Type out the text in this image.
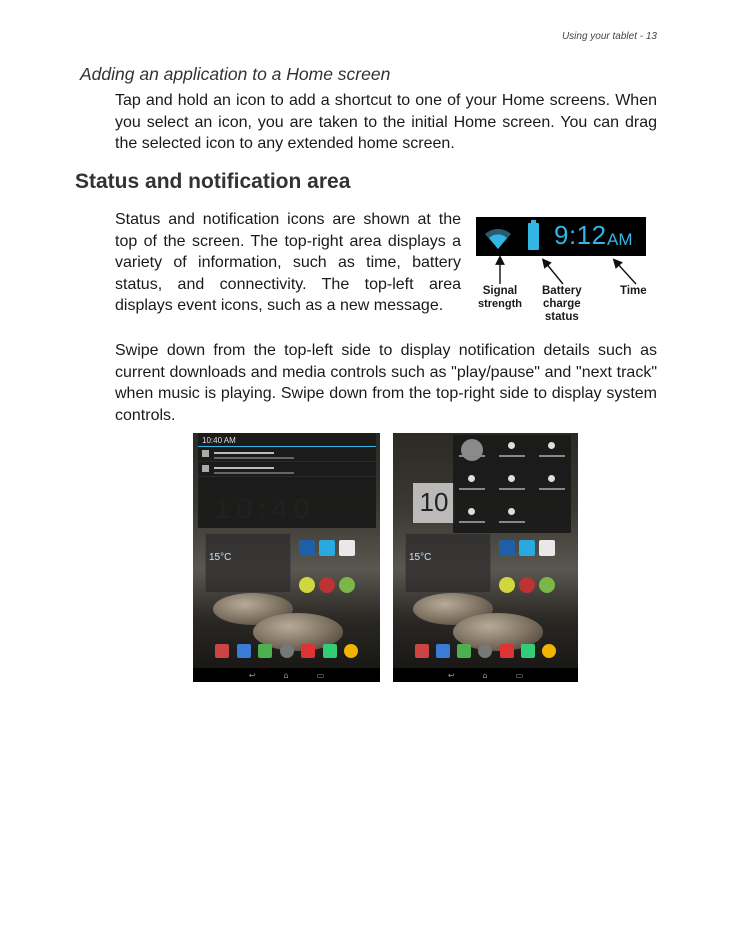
Using your tablet - 13
Adding an application to a Home screen

Tap and hold an icon to add a shortcut to one of your Home screens. When you select an icon, you are taken to the initial Home screen. You can drag the selected icon to any extended home screen.

Status and notification area

Status and notification icons are shown at the top of the screen. The top-right area displays a variety of information, such as time, battery status, and connectivity. The top-left area displays event icons, such as a new message.

9:12 AM
Signal
strength
Battery
charge
status
Time

Swipe down from the top-left side to display notification details such as current downloads and media controls such as "play/pause" and "next track" when music is playing. Swipe down from the top-right side to display system controls.

15°C
10:40 AM
↩	⌂	▭
10
15°C
↩	⌂	▭
